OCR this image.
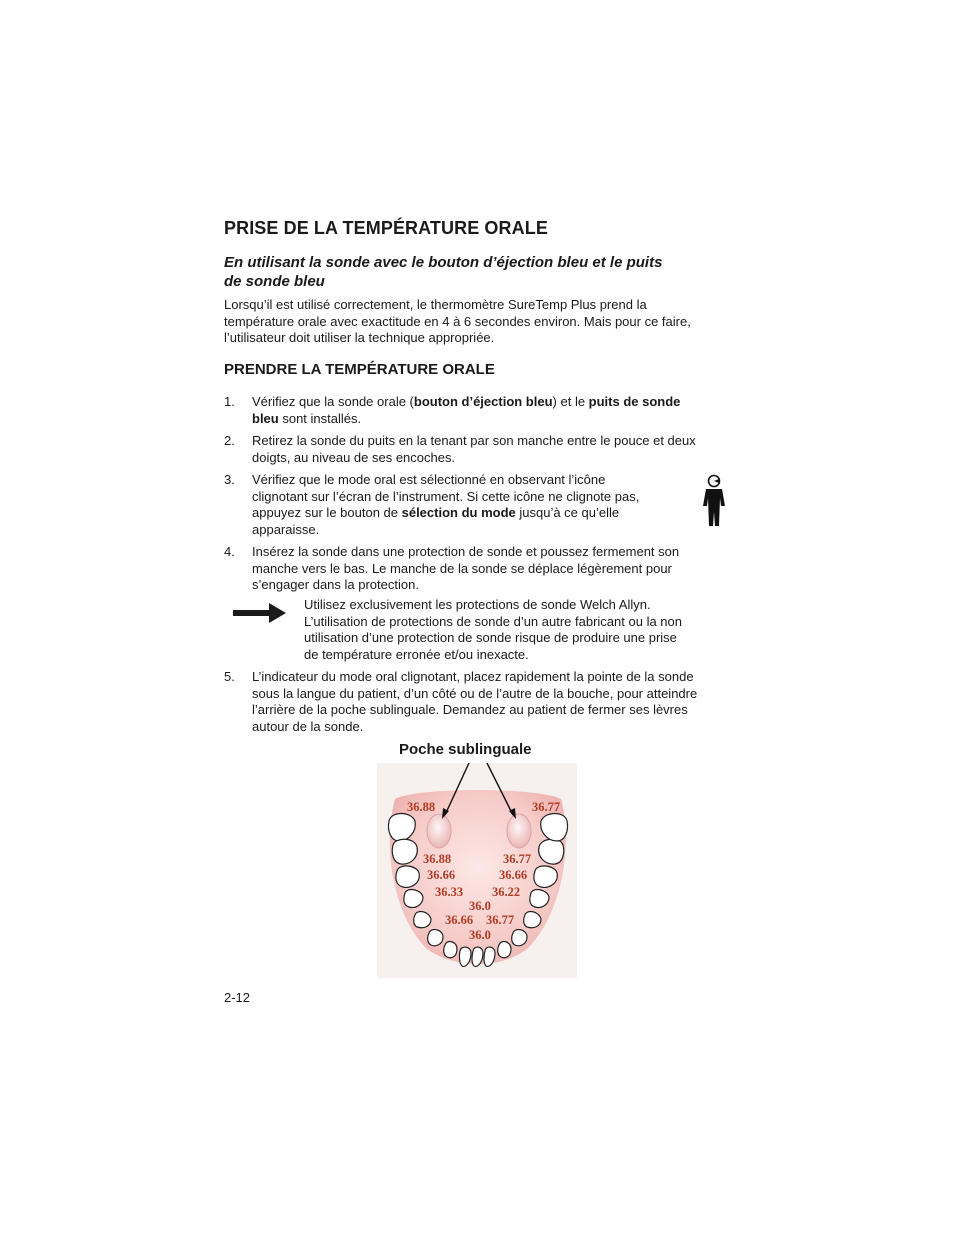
PRISE DE LA TEMPÉRATURE ORALE
En utilisant la sonde avec le bouton d’éjection bleu et le puits
de sonde bleu
Lorsqu’il est utilisé correctement, le thermomètre SureTemp Plus prend la
température orale avec exactitude en 4 à 6 secondes environ. Mais pour ce faire,
l’utilisateur doit utiliser la technique appropriée.
PRENDRE LA TEMPÉRATURE ORALE
1. Vérifiez que la sonde orale (bouton d’éjection bleu) et le puits de sonde
bleu sont installés.
2. Retirez la sonde du puits en la tenant par son manche entre le pouce et deux
doigts, au niveau de ses encoches.
3. Vérifiez que le mode oral est sélectionné en observant l’icône
clignotant sur l’écran de l’instrument. Si cette icône ne clignote pas,
appuyez sur le bouton de sélection du mode jusqu’à ce qu’elle
apparaisse.
4. Insérez la sonde dans une protection de sonde et poussez fermement son
manche vers le bas. Le manche de la sonde se déplace légèrement pour
s’engager dans la protection.
Utilisez exclusivement les protections de sonde Welch Allyn.
L’utilisation de protections de sonde d’un autre fabricant ou la non
utilisation d’une protection de sonde risque de produire une prise
de température erronée et/ou inexacte.
5. L’indicateur du mode oral clignotant, placez rapidement la pointe de la sonde
sous la langue du patient, d’un côté ou de l’autre de la bouche, pour atteindre
l’arrière de la poche sublinguale. Demandez au patient de fermer ses lèvres
autour de la sonde.
Poche sublinguale
36.88	36.77
36.88
36.66
36.33
36.77
36.66
36.22
36.0
36.66 36.77
36.0
2-12
